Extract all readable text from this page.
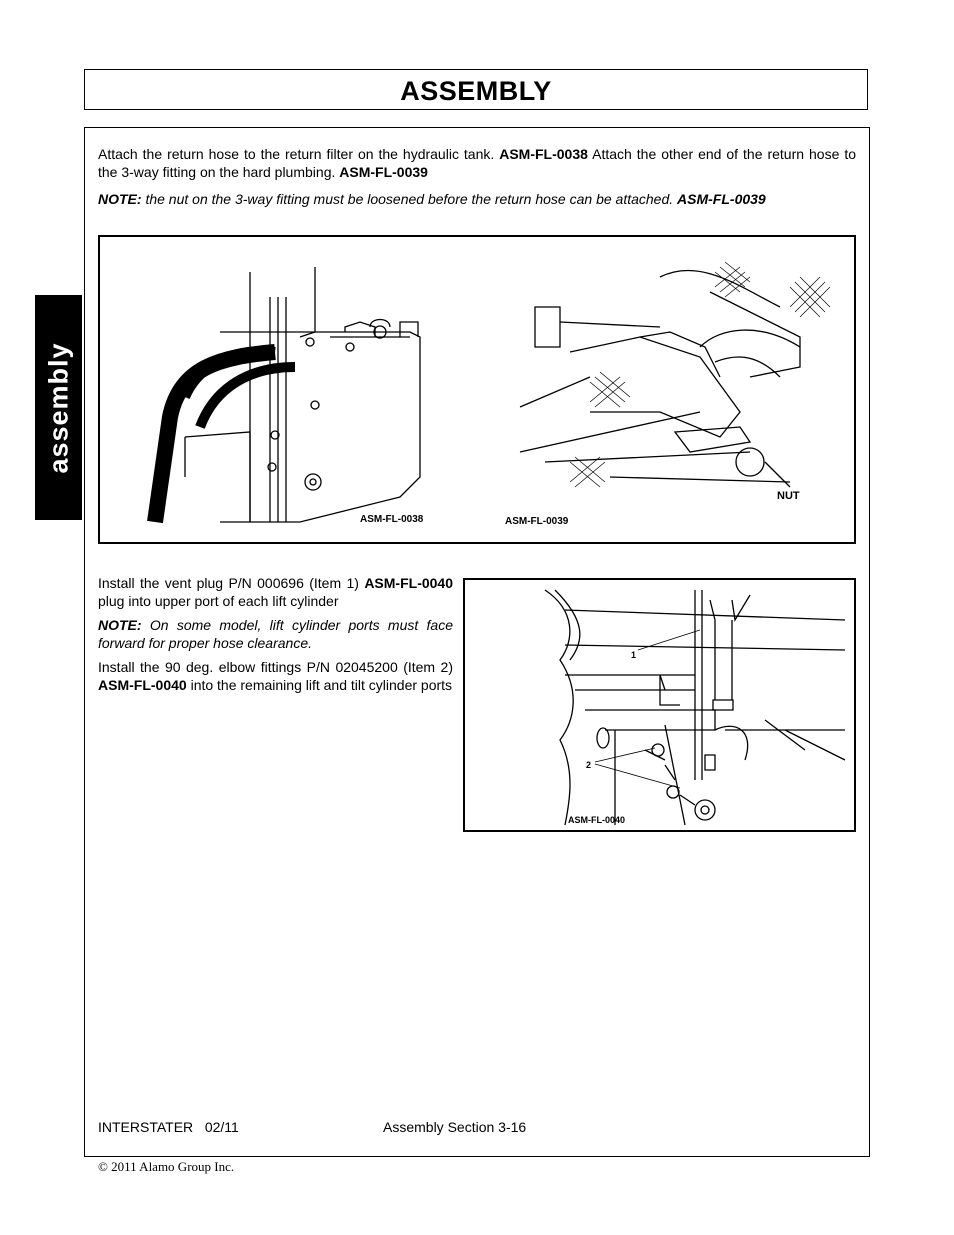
ASSEMBLY
assembly
Attach the return hose to the return filter on the hydraulic tank. ASM-FL-0038 Attach the other end of the return hose to the 3-way fitting on the hard plumbing. ASM-FL-0039
NOTE: the nut on the 3-way fitting must be loosened before the return hose can be attached. ASM-FL-0039
ASM-FL-0038	ASM-FL-0039
NUT

Install the vent plug P/N 000696 (Item 1) ASM-FL-0040 plug into upper port of each lift cylinder

NOTE: On some model, lift cylinder ports must face forward for proper hose clearance.

Install the 90 deg. elbow fittings P/N 02045200 (Item 2) ASM-FL-0040 into the remaining lift and tilt cylinder ports

1
2
ASM-FL-0040
INTERSTATER   02/11	Assembly Section 3-16
© 2011 Alamo Group Inc.
